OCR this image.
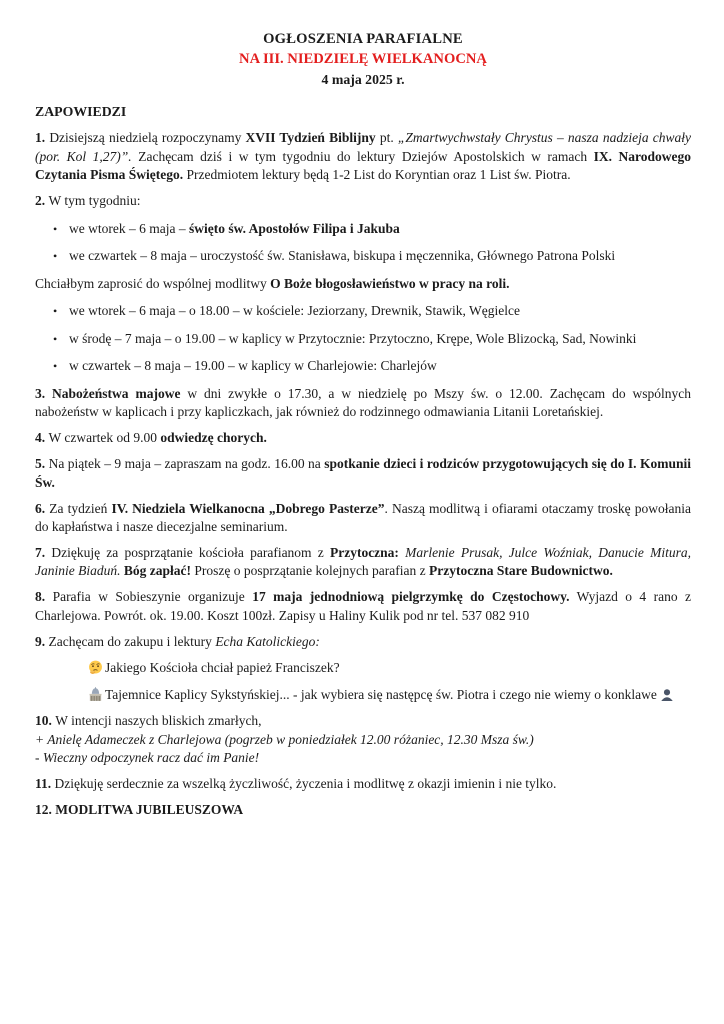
OGŁOSZENIA PARAFIALNE
NA III. NIEDZIELĘ WIELKANOCNĄ
4 maja 2025 r.
ZAPOWIEDZI
1. Dzisiejszą niedzielą rozpoczynamy XVII Tydzień Biblijny pt. „Zmartwychwstały Chrystus – nasza nadzieja chwały (por. Kol 1,27)”. Zachęcam dziś i w tym tygodniu do lektury Dziejów Apostolskich w ramach IX. Narodowego Czytania Pisma Świętego. Przedmiotem lektury będą 1-2 List do Koryntian oraz 1 List św. Piotra.
2. W tym tygodniu:
• we wtorek – 6 maja – święto św. Apostołów Filipa i Jakuba
• we czwartek – 8 maja – uroczystość św. Stanisława, biskupa i męczennika, Głównego Patrona Polski
Chciałbym zaprosić do wspólnej modlitwy O Boże błogosławieństwo w pracy na roli.
• we wtorek – 6 maja – o 18.00 – w kościele: Jeziorzany, Drewnik, Stawik, Węgielce
• w środę – 7 maja – o 19.00 – w kaplicy w Przytocznie: Przytoczno, Krępe, Wole Blizocką, Sad, Nowinki
• w czwartek – 8 maja – 19.00 – w kaplicy w Charlejowie: Charlejów
3. Nabożeństwa majowe w dni zwykłe o 17.30, a w niedzielę po Mszy św. o 12.00. Zachęcam do wspólnych nabożeństw w kaplicach i przy kapliczkach, jak również do rodzinnego odmawiania Litanii Loretańskiej.
4. W czwartek od 9.00 odwiedzę chorych.
5. Na piątek – 9 maja – zapraszam na godz. 16.00 na spotkanie dzieci i rodziców przygotowujących się do I. Komunii Św.
6. Za tydzień IV. Niedziela Wielkanocna „Dobrego Pasterze”. Naszą modlitwą i ofiarami otaczamy troskę powołania do kapłaństwa i nasze diecezjalne seminarium.
7. Dziękuję za posprzątanie kościoła parafianom z Przytoczna: Marlenie Prusak, Julce Woźniak, Danucie Mitura, Janinie Biaduń. Bóg zapłać! Proszę o posprzątanie kolejnych parafian z Przytoczna Stare Budownictwo.
8. Parafia w Sobieszynie organizuje 17 maja jednodniową pielgrzymkę do Częstochowy. Wyjazd o 4 rano z Charlejowa. Powrót. ok. 19.00. Koszt 100zł. Zapisy u Haliny Kulik pod nr tel. 537 082 910
9. Zachęcam do zakupu i lektury Echa Katolickiego:
Jakiego Kościoła chciał papież Franciszek?
Tajemnice Kaplicy Sykstyńskiej... - jak wybiera się następcę św. Piotra i czego nie wiemy o konklawe
10. W intencji naszych bliskich zmarłych,
+ Anielę Adameczek z Charlejowa (pogrzeb w poniedziałek 12.00 różaniec, 12.30 Msza św.)
- Wieczny odpoczynek racz dać im Panie!
11. Dziękuję serdecznie za wszelką życzliwość, życzenia i modlitwę z okazji imienin i nie tylko.
12. MODLITWA JUBILEUSZOWA
